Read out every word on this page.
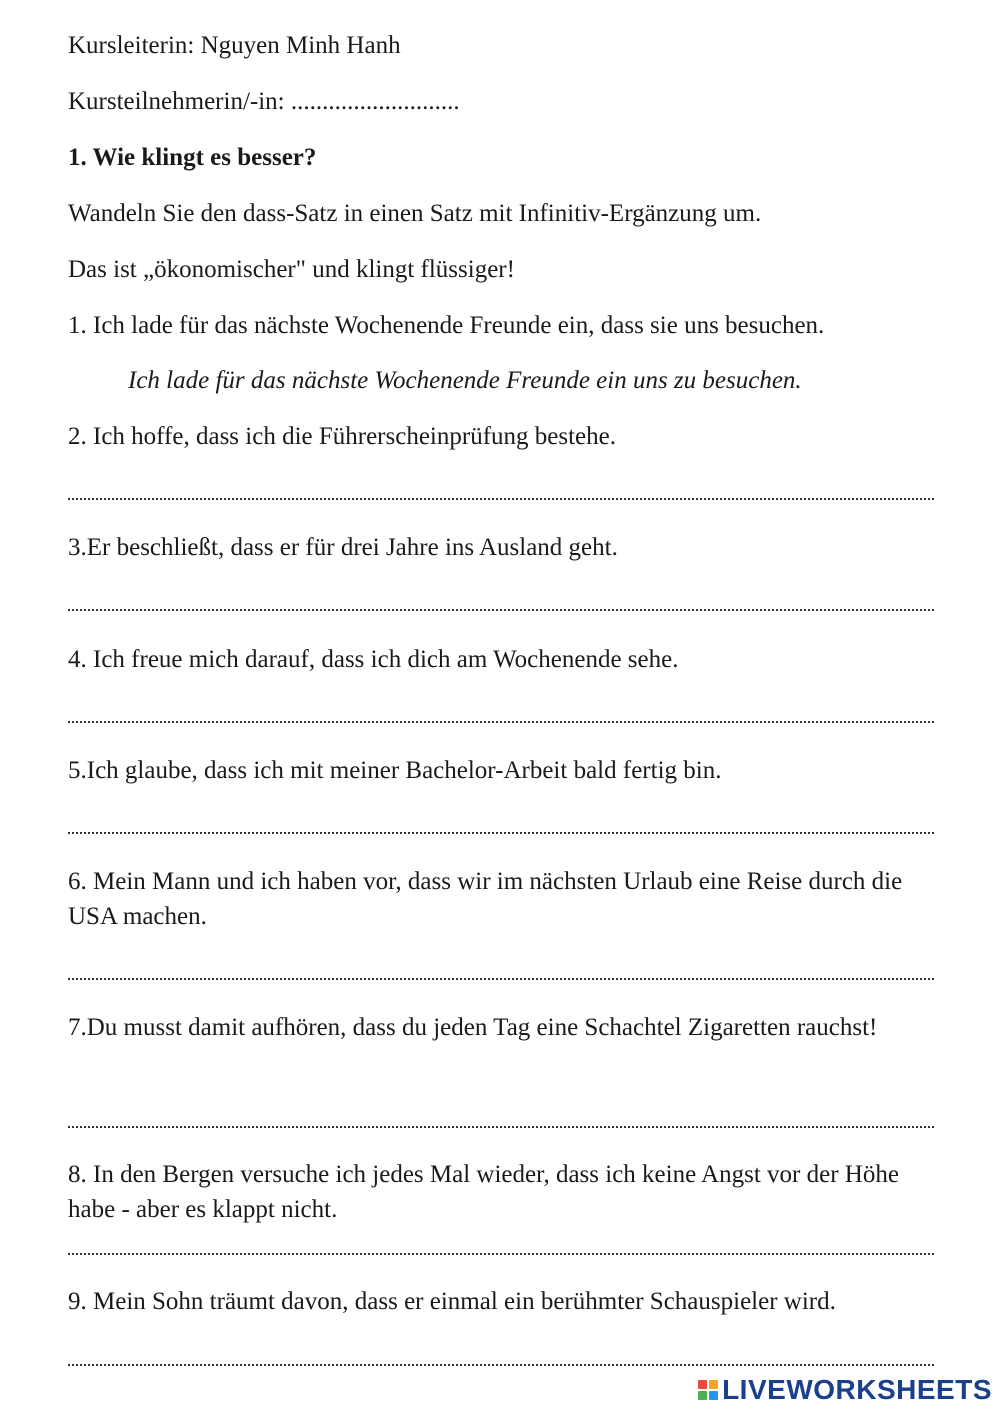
Kursleiterin: Nguyen Minh Hanh
Kursteilnehmerin/-in: ...........................
1. Wie klingt es besser?
Wandeln Sie den dass-Satz in einen Satz mit Infinitiv-Ergänzung um.
Das ist „ökonomischer" und klingt flüssiger!
1. Ich lade für das nächste Wochenende Freunde ein, dass sie uns besuchen.
Ich lade für das nächste Wochenende Freunde ein uns zu besuchen.
2. Ich hoffe, dass ich die Führerscheinprüfung bestehe.
3.Er beschließt, dass er für drei Jahre ins Ausland geht.
4. Ich freue mich darauf, dass ich dich am Wochenende sehe.
5.Ich glaube, dass ich mit meiner Bachelor-Arbeit bald fertig bin.
6. Mein Mann und ich haben vor, dass wir im nächsten Urlaub eine Reise durch die USA machen.
7.Du musst damit aufhören, dass du jeden Tag eine Schachtel Zigaretten rauchst!
8. In den Bergen versuche ich jedes Mal wieder, dass ich keine Angst vor der Höhe habe - aber es klappt nicht.
9. Mein Sohn träumt davon, dass er einmal ein berühmter Schauspieler wird.
LIVEWORKSHEETS
